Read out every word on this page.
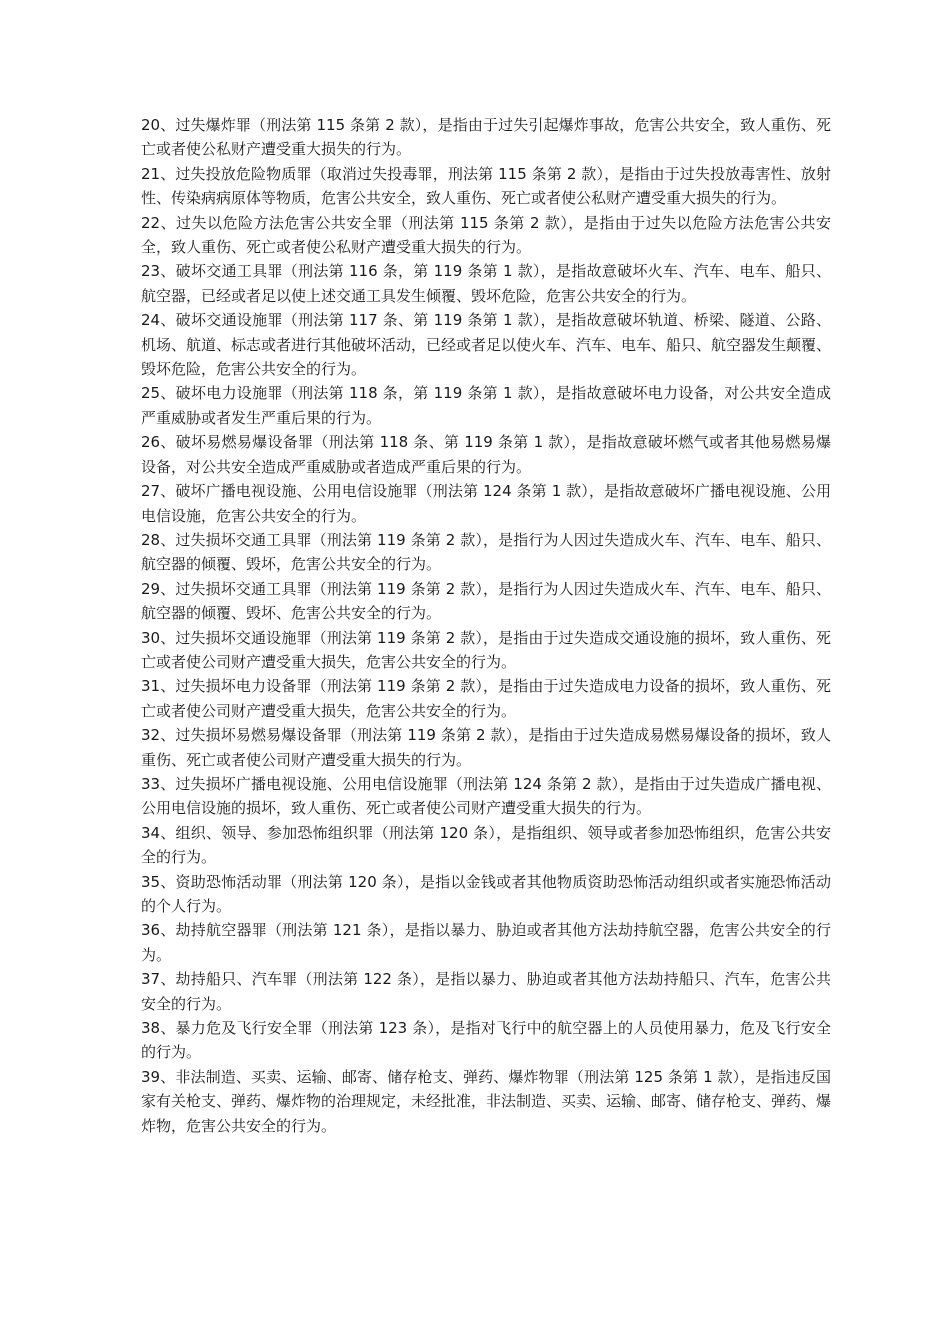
20、过失爆炸罪（刑法第 115 条第 2 款），是指由于过失引起爆炸事故，危害公共安全，致人重伤、死亡或者使公私财产遭受重大损失的行为。

21、过失投放危险物质罪（取消过失投毒罪，刑法第 115 条第 2 款），是指由于过失投放毒害性、放射性、传染病病原体等物质，危害公共安全，致人重伤、死亡或者使公私财产遭受重大损失的行为。

22、过失以危险方法危害公共安全罪（刑法第 115 条第 2 款），是指由于过失以危险方法危害公共安全，致人重伤、死亡或者使公私财产遭受重大损失的行为。

23、破坏交通工具罪（刑法第 116 条，第 119 条第 1 款），是指故意破坏火车、汽车、电车、船只、航空器，已经或者足以使上述交通工具发生倾覆、毁坏危险，危害公共安全的行为。

24、破坏交通设施罪（刑法第 117 条、第 119 条第 1 款），是指故意破坏轨道、桥梁、隧道、公路、机场、航道、标志或者进行其他破坏活动，已经或者足以使火车、汽车、电车、船只、航空器发生颠覆、毁坏危险，危害公共安全的行为。

25、破坏电力设施罪（刑法第 118 条，第 119 条第 1 款），是指故意破坏电力设备，对公共安全造成严重威胁或者发生严重后果的行为。

26、破坏易燃易爆设备罪（刑法第 118 条、第 119 条第 1 款），是指故意破坏燃气或者其他易燃易爆设备，对公共安全造成严重威胁或者造成严重后果的行为。

27、破坏广播电视设施、公用电信设施罪（刑法第 124 条第 1 款），是指故意破坏广播电视设施、公用电信设施，危害公共安全的行为。

28、过失损坏交通工具罪（刑法第 119 条第 2 款），是指行为人因过失造成火车、汽车、电车、船只、航空器的倾覆、毁坏，危害公共安全的行为。

29、过失损坏交通工具罪（刑法第 119 条第 2 款），是指行为人因过失造成火车、汽车、电车、船只、航空器的倾覆、毁坏、危害公共安全的行为。

30、过失损坏交通设施罪（刑法第 119 条第 2 款），是指由于过失造成交通设施的损坏，致人重伤、死亡或者使公司财产遭受重大损失，危害公共安全的行为。

31、过失损坏电力设备罪（刑法第 119 条第 2 款），是指由于过失造成电力设备的损坏，致人重伤、死亡或者使公司财产遭受重大损失，危害公共安全的行为。

32、过失损坏易燃易爆设备罪（刑法第 119 条第 2 款），是指由于过失造成易燃易爆设备的损坏，致人重伤、死亡或者使公司财产遭受重大损失的行为。

33、过失损坏广播电视设施、公用电信设施罪（刑法第 124 条第 2 款），是指由于过失造成广播电视、公用电信设施的损坏，致人重伤、死亡或者使公司财产遭受重大损失的行为。

34、组织、领导、参加恐怖组织罪（刑法第 120 条），是指组织、领导或者参加恐怖组织，危害公共安全的行为。

35、资助恐怖活动罪（刑法第 120 条），是指以金钱或者其他物质资助恐怖活动组织或者实施恐怖活动的个人行为。

36、劫持航空器罪（刑法第 121 条），是指以暴力、胁迫或者其他方法劫持航空器，危害公共安全的行为。

37、劫持船只、汽车罪（刑法第 122 条），是指以暴力、胁迫或者其他方法劫持船只、汽车，危害公共安全的行为。

38、暴力危及飞行安全罪（刑法第 123 条），是指对飞行中的航空器上的人员使用暴力，危及飞行安全的行为。

39、非法制造、买卖、运输、邮寄、储存枪支、弹药、爆炸物罪（刑法第 125 条第 1 款），是指违反国家有关枪支、弹药、爆炸物的治理规定，未经批准，非法制造、买卖、运输、邮寄、储存枪支、弹药、爆炸物，危害公共安全的行为。
